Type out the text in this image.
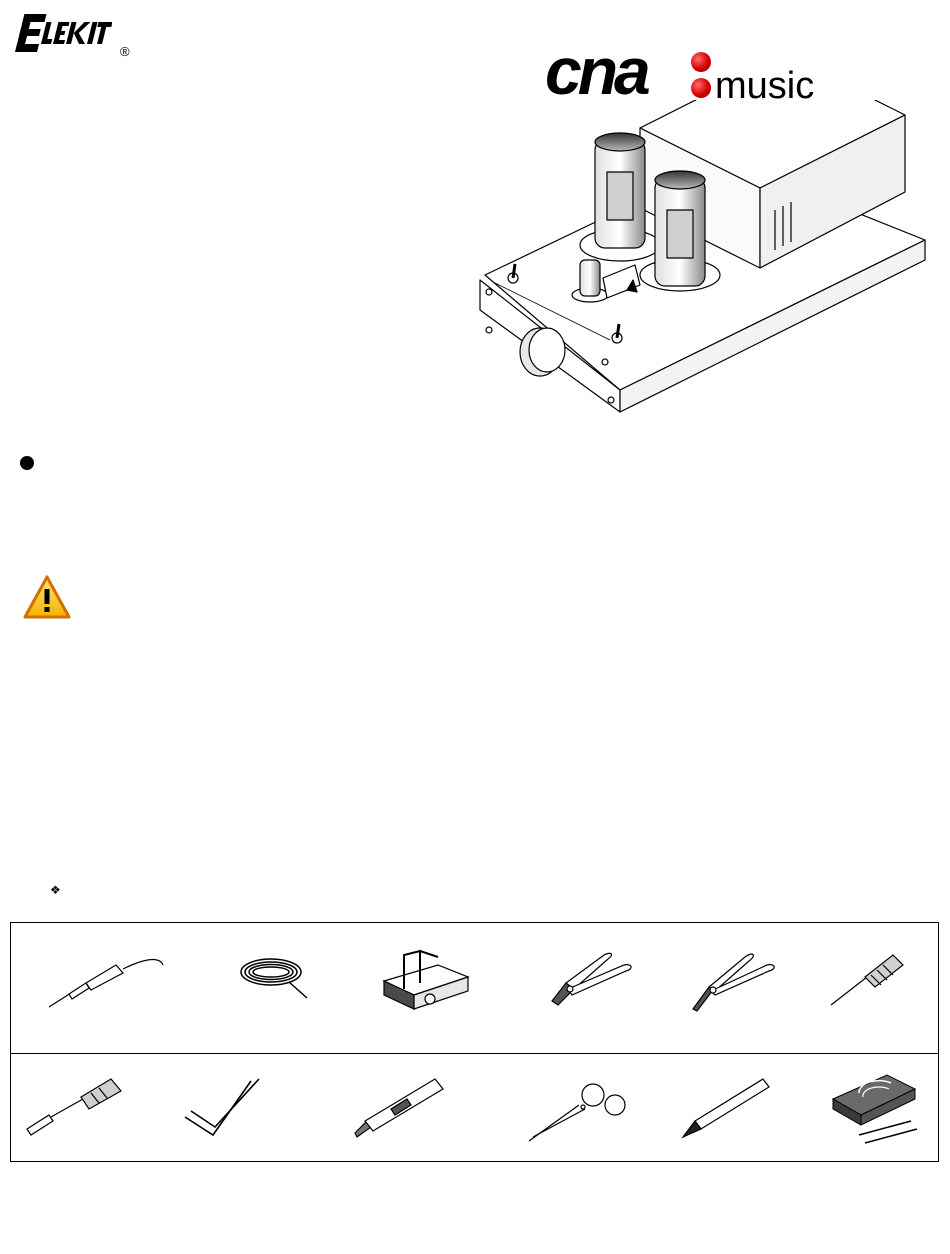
®	cna music
❖
